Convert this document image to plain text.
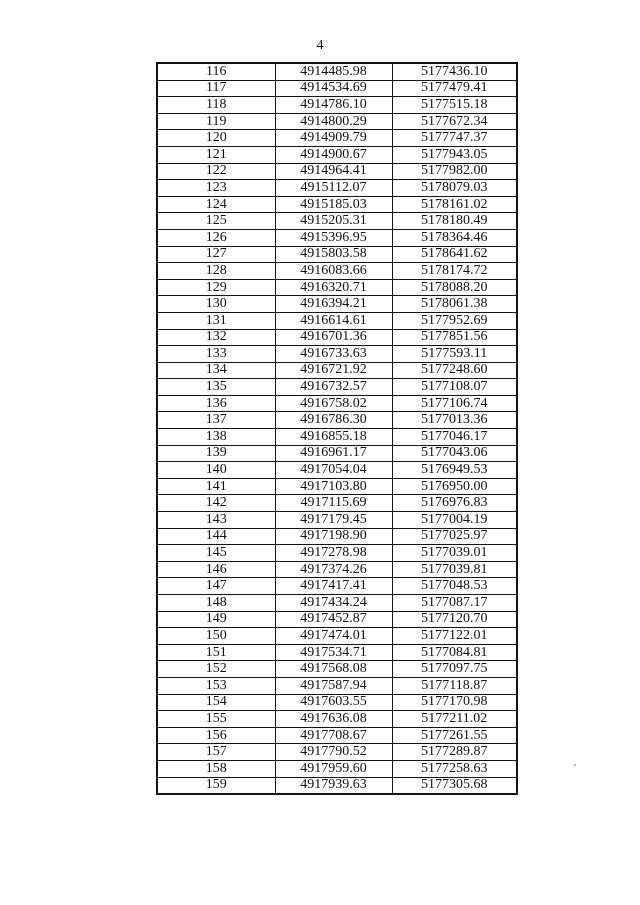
4
116	4914485.98	5177436.10
117	4914534.69	5177479.41
118	4914786.10	5177515.18
119	4914800.29	5177672.34
120	4914909.79	5177747.37
121	4914900.67	5177943.05
122	4914964.41	5177982.00
123	4915112.07	5178079.03
124	4915185.03	5178161.02
125	4915205.31	5178180.49
126	4915396.95	5178364.46
127	4915803.58	5178641.62
128	4916083.66	5178174.72
129	4916320.71	5178088.20
130	4916394.21	5178061.38
131	4916614.61	5177952.69
132	4916701.36	5177851.56
133	4916733.63	5177593.11
134	4916721.92	5177248.60
135	4916732.57	5177108.07
136	4916758.02	5177106.74
137	4916786.30	5177013.36
138	4916855.18	5177046.17
139	4916961.17	5177043.06
140	4917054.04	5176949.53
141	4917103.80	5176950.00
142	4917115.69	5176976.83
143	4917179.45	5177004.19
144	4917198.90	5177025.97
145	4917278.98	5177039.01
146	4917374.26	5177039.81
147	4917417.41	5177048.53
148	4917434.24	5177087.17
149	4917452.87	5177120.70
150	4917474.01	5177122.01
151	4917534.71	5177084.81
152	4917568.08	5177097.75
153	4917587.94	5177118.87
154	4917603.55	5177170.98
155	4917636.08	5177211.02
156	4917708.67	5177261.55
157	4917790.52	5177289.87
158	4917959.60	5177258.63
159	4917939.63	5177305.68
